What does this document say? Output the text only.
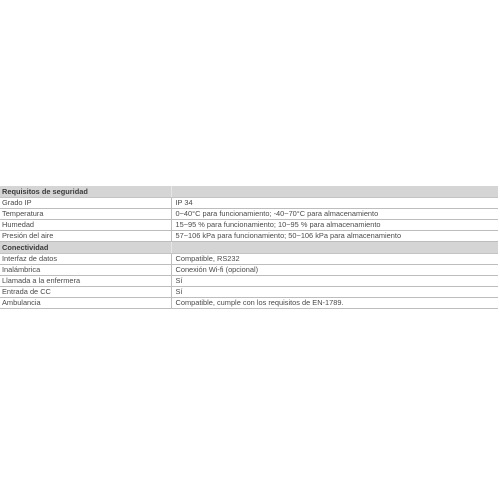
Requisitos de seguridad	
Grado IP	IP 34
Temperatura	0~40°C para funcionamiento; -40~70°C para almacenamiento
Humedad	15~95 % para funcionamiento; 10~95 % para almacenamiento
Presión del aire	57~106 kPa para funcionamiento; 50~106 kPa para almacenamiento
Conectividad	
Interfaz de datos	Compatible, RS232
Inalámbrica	Conexión Wi-fi (opcional)
Llamada a la enfermera	Sí
Entrada de CC	Sí
Ambulancia	Compatible, cumple con los requisitos de EN-1789.
